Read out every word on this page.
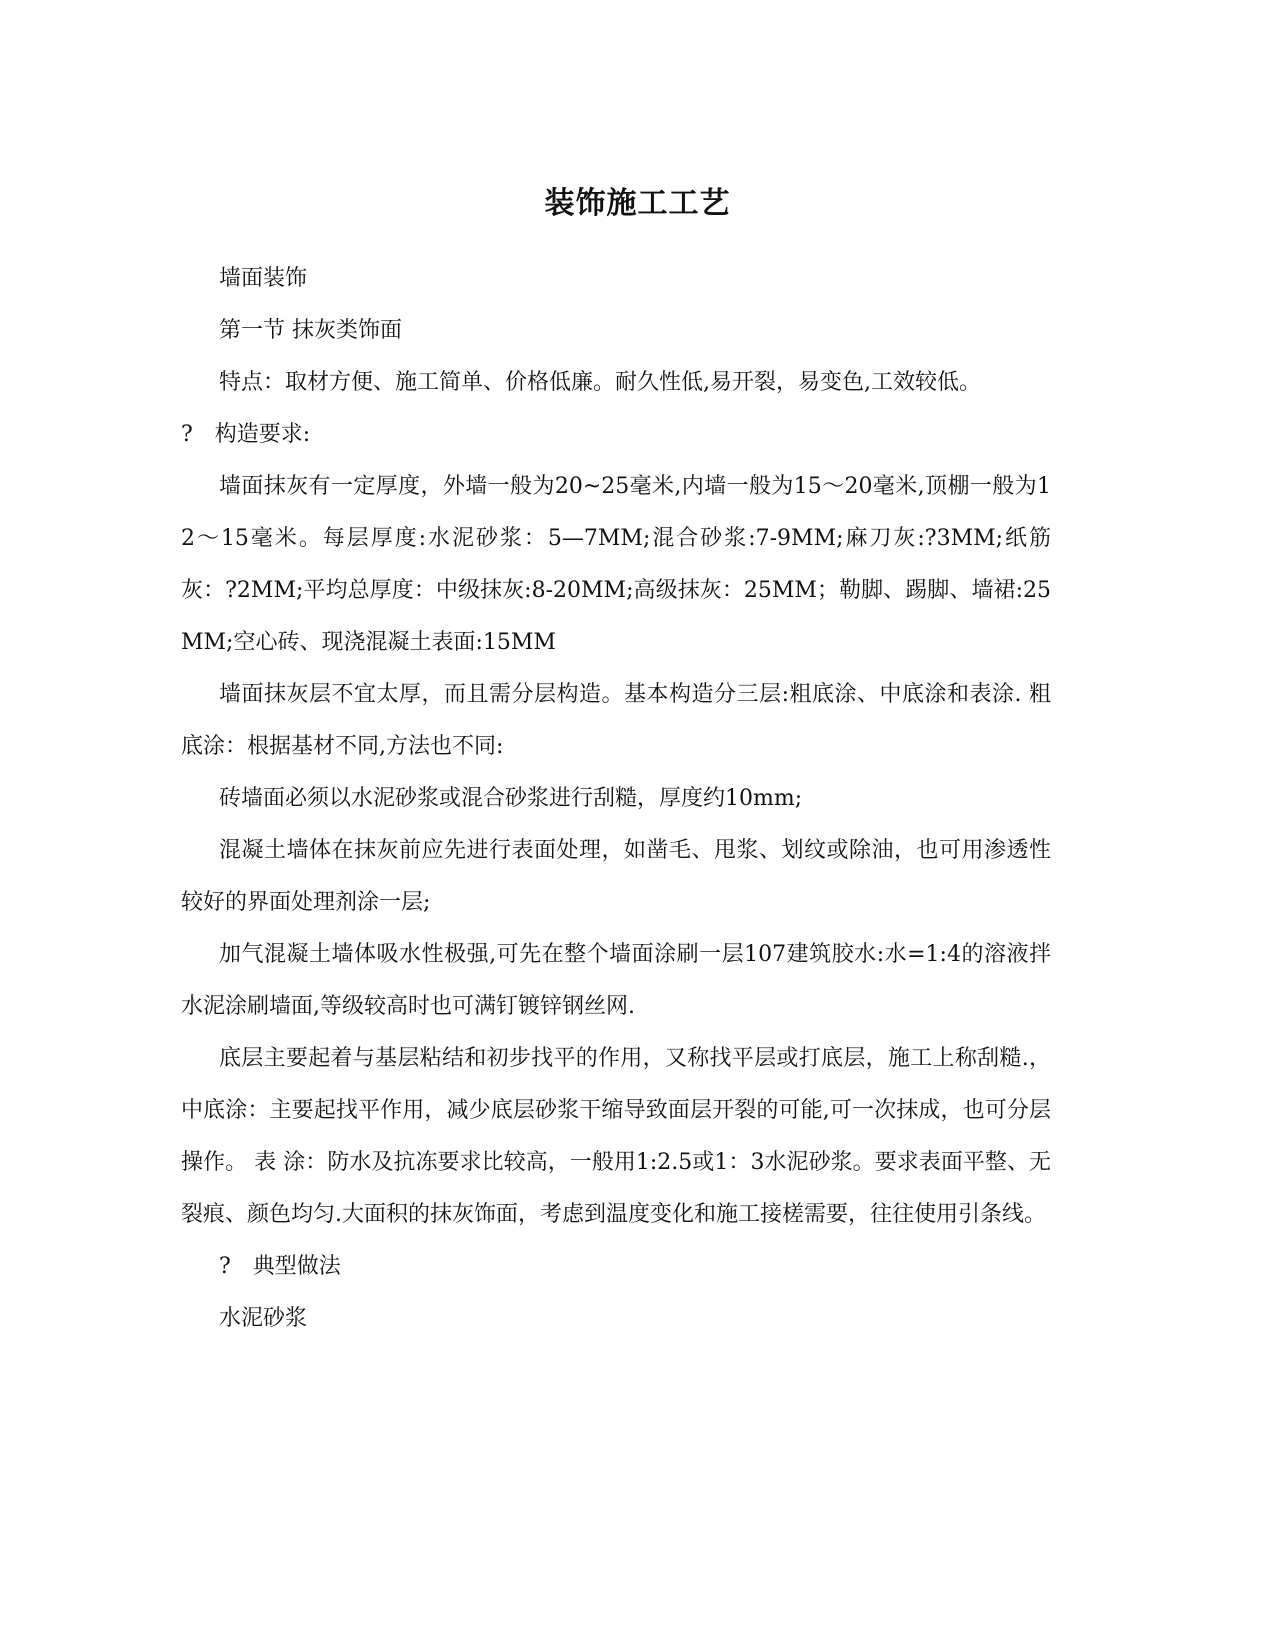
装饰施工工艺

墙面装饰

第一节 抹灰类饰面

特点：取材方便、施工简单、价格低廉。耐久性低,易开裂，易变色,工效较低。

?　构造要求:

墙面抹灰有一定厚度，外墙一般为20~25毫米,内墙一般为15～20毫米,顶棚一般为12～15毫米。每层厚度:水泥砂浆：5—7MM;混合砂浆:7-9MM;麻刀灰:?3MM;纸筋灰：?2MM;平均总厚度：中级抹灰:8-20MM;高级抹灰：25MM；勒脚、踢脚、墙裙:25MM;空心砖、现浇混凝土表面:15MM

墙面抹灰层不宜太厚，而且需分层构造。基本构造分三层:粗底涂、中底涂和表涂. 粗底涂：根据基材不同,方法也不同:

砖墙面必须以水泥砂浆或混合砂浆进行刮糙，厚度约10mm;

混凝土墙体在抹灰前应先进行表面处理，如凿毛、甩浆、划纹或除油，也可用渗透性较好的界面处理剂涂一层;

加气混凝土墙体吸水性极强,可先在整个墙面涂刷一层107建筑胶水:水=1:4的溶液拌水泥涂刷墙面,等级较高时也可满钉镀锌钢丝网.

底层主要起着与基层粘结和初步找平的作用，又称找平层或打底层，施工上称刮糙.， 中底涂：主要起找平作用，减少底层砂浆干缩导致面层开裂的可能,可一次抹成，也可分层操作。 表 涂：防水及抗冻要求比较高，一般用1:2.5或1：3水泥砂浆。要求表面平整、无裂痕、颜色均匀.大面积的抹灰饰面，考虑到温度变化和施工接槎需要，往往使用引条线。

?　典型做法

水泥砂浆
